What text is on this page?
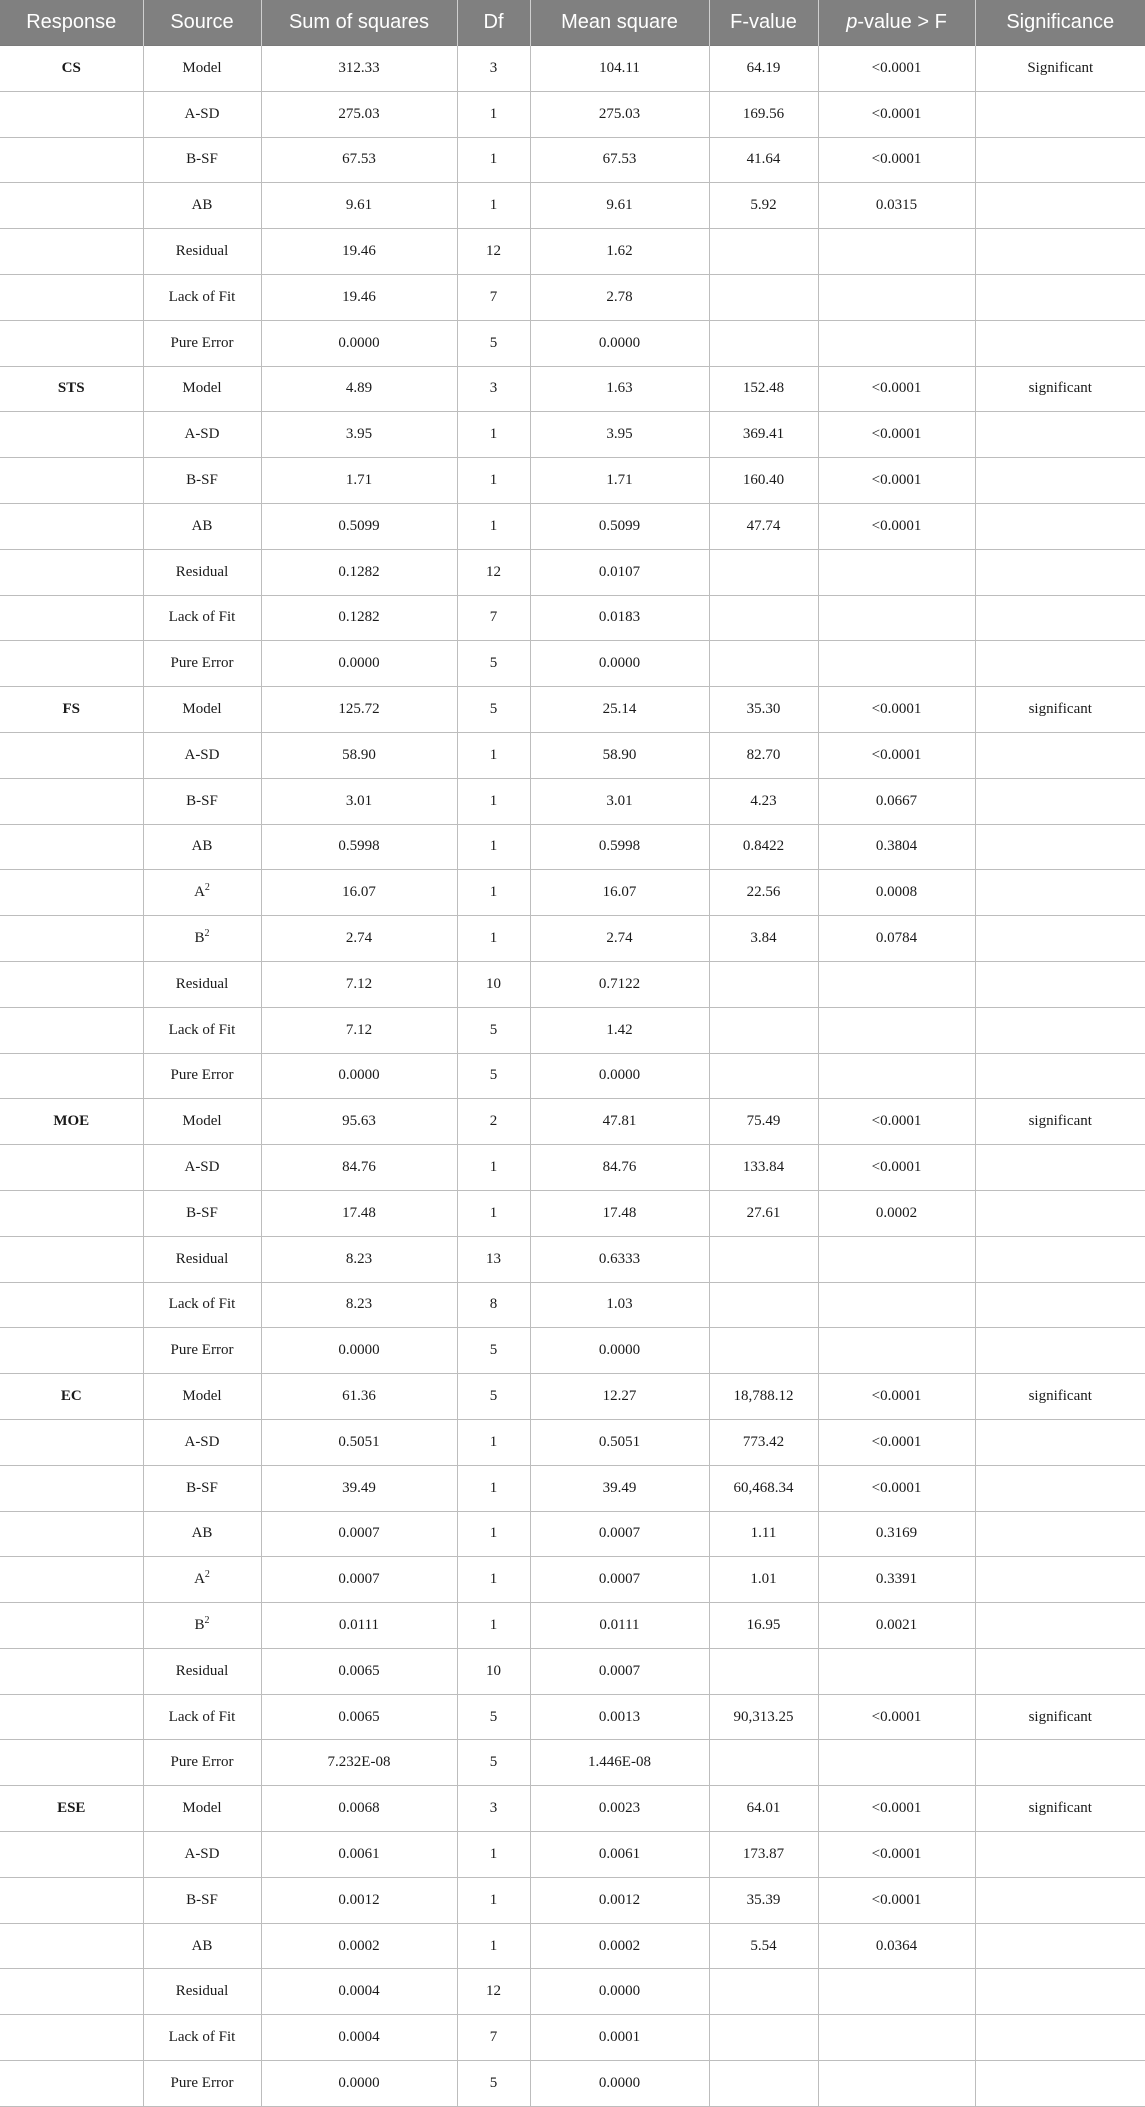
Response	Source	Sum of squares	Df	Mean square	F-value	p-value > F	Significance
CS	Model	312.33	3	104.11	64.19	<0.0001	Significant
	A-SD	275.03	1	275.03	169.56	<0.0001	
	B-SF	67.53	1	67.53	41.64	<0.0001	
	AB	9.61	1	9.61	5.92	0.0315	
	Residual	19.46	12	1.62			
	Lack of Fit	19.46	7	2.78			
	Pure Error	0.0000	5	0.0000			
STS	Model	4.89	3	1.63	152.48	<0.0001	significant
	A-SD	3.95	1	3.95	369.41	<0.0001	
	B-SF	1.71	1	1.71	160.40	<0.0001	
	AB	0.5099	1	0.5099	47.74	<0.0001	
	Residual	0.1282	12	0.0107			
	Lack of Fit	0.1282	7	0.0183			
	Pure Error	0.0000	5	0.0000			
FS	Model	125.72	5	25.14	35.30	<0.0001	significant
	A-SD	58.90	1	58.90	82.70	<0.0001	
	B-SF	3.01	1	3.01	4.23	0.0667	
	AB	0.5998	1	0.5998	0.8422	0.3804	
	$A^2$	16.07	1	16.07	22.56	0.0008	
	$B^2$	2.74	1	2.74	3.84	0.0784	
	Residual	7.12	10	0.7122			
	Lack of Fit	7.12	5	1.42			
	Pure Error	0.0000	5	0.0000			
MOE	Model	95.63	2	47.81	75.49	<0.0001	significant
	A-SD	84.76	1	84.76	133.84	<0.0001	
	B-SF	17.48	1	17.48	27.61	0.0002	
	Residual	8.23	13	0.6333			
	Lack of Fit	8.23	8	1.03			
	Pure Error	0.0000	5	0.0000			
EC	Model	61.36	5	12.27	18,788.12	<0.0001	significant
	A-SD	0.5051	1	0.5051	773.42	<0.0001	
	B-SF	39.49	1	39.49	60,468.34	<0.0001	
	AB	0.0007	1	0.0007	1.11	0.3169	
	$A^2$	0.0007	1	0.0007	1.01	0.3391	
	$B^2$	0.0111	1	0.0111	16.95	0.0021	
	Residual	0.0065	10	0.0007			
	Lack of Fit	0.0065	5	0.0013	90,313.25	<0.0001	significant
	Pure Error	7.232E-08	5	1.446E-08			
ESE	Model	0.0068	3	0.0023	64.01	<0.0001	significant
	A-SD	0.0061	1	0.0061	173.87	<0.0001	
	B-SF	0.0012	1	0.0012	35.39	<0.0001	
	AB	0.0002	1	0.0002	5.54	0.0364	
	Residual	0.0004	12	0.0000			
	Lack of Fit	0.0004	7	0.0001			
	Pure Error	0.0000	5	0.0000			
